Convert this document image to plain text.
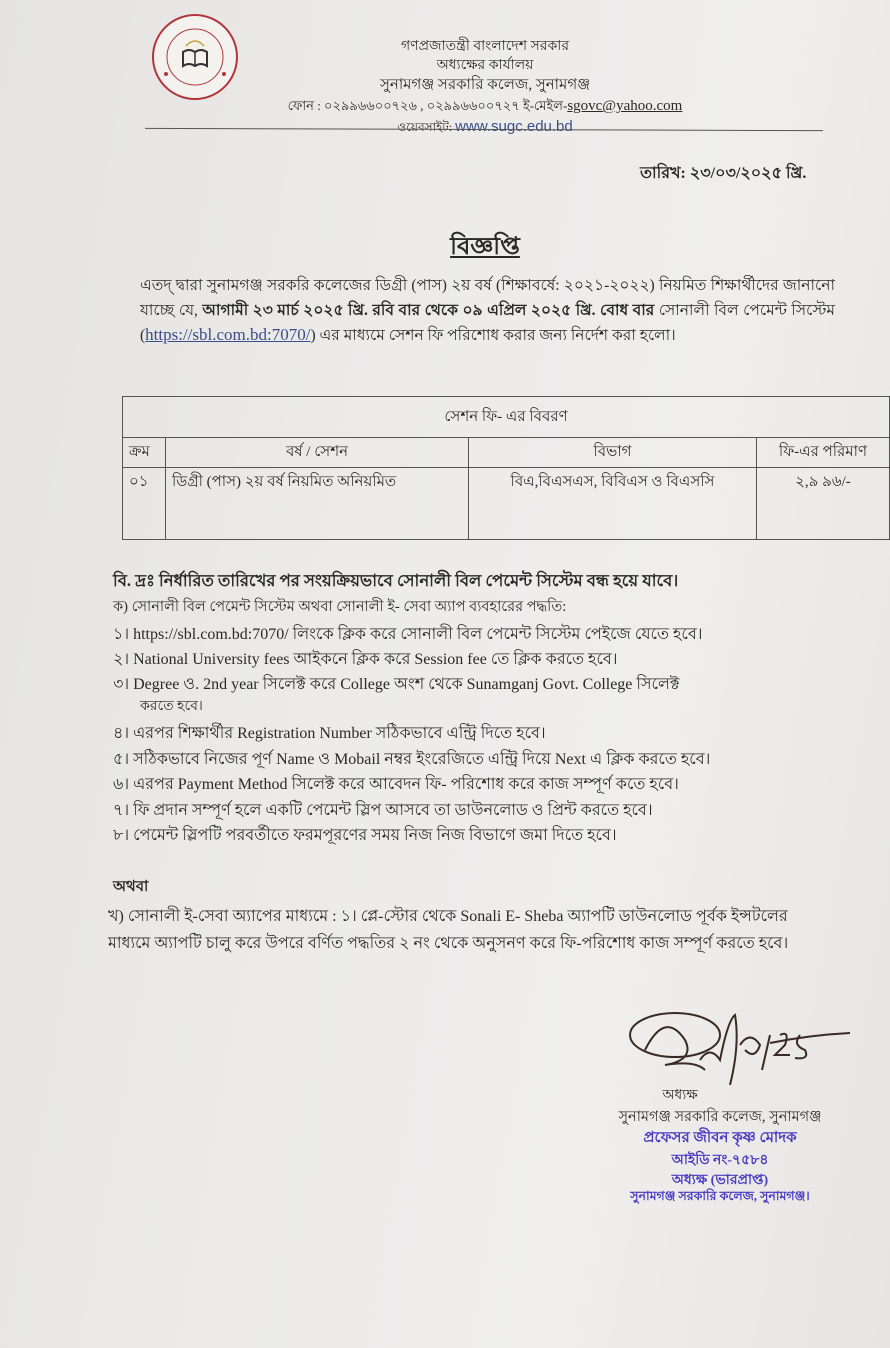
গণপ্রজাতন্ত্রী বাংলাদেশ সরকার
অধ্যক্ষের কার্যালয়
সুনামগঞ্জ সরকারি কলেজ, সুনামগঞ্জ
ফোন : ০২৯৯৬৬০০৭২৬ , ০২৯৯৬৬০০৭২৭ ই-মেইল-sgovc@yahoo.com
ওয়েবসাইট: www.sugc.edu.bd
তারিখ: ২৩/০৩/২০২৫ খ্রি.
বিজ্ঞপ্তি
এতদ্ দ্বারা সুনামগঞ্জ সরকরি কলেজের ডিগ্রী (পাস) ২য় বর্ষ (শিক্ষাবর্ষে: ২০২১-২০২২) নিয়মিত শিক্ষার্থীদের জানানো যাচ্ছে যে, আগামী ২৩ মার্চ ২০২৫ খ্রি. রবি বার থেকে ০৯ এপ্রিল ২০২৫ খ্রি. বোধ বার সোনালী বিল পেমেন্ট সিস্টেম (https://sbl.com.bd:7070/) এর মাধ্যমে সেশন ফি পরিশোধ করার জন্য নির্দেশ করা হলো।
সেশন ফি- এর বিবরণ			
ক্রম	বর্ষ / সেশন	বিভাগ	ফি-এর পরিমাণ
০১	ডিগ্রী (পাস) ২য় বর্ষ নিয়মিত অনিয়মিত	বিএ,বিএসএস, বিবিএস ও বিএসসি	২,৯ ৯৬/-
বি. দ্রঃ নির্ধারিত তারিখের পর সংয়ক্রিয়ভাবে সোনালী বিল পেমেন্ট সিস্টেম বন্ধ হয়ে যাবে।
ক) সোনালী বিল পেমেন্ট সিস্টেম অথবা সোনালী ই- সেবা অ্যাপ ব্যবহারের পদ্ধতি:
১। https://sbl.com.bd:7070/ লিংকে ক্লিক করে সোনালী বিল পেমেন্ট সিস্টেম পেইজে যেতে হবে।
২। National University fees আইকনে ক্লিক করে Session fee তে ক্লিক করতে হবে।
৩। Degree ও. 2nd year সিলেক্ট করে College অংশ থেকে Sunamganj Govt. College সিলেক্ট
করতে হবে।
৪। এরপর শিক্ষার্থীর Registration Number সঠিকভাবে এন্ট্রি দিতে হবে।
৫। সঠিকভাবে নিজের পূর্ণ Name ও Mobail নম্বর ইংরেজিতে এন্ট্রি দিয়ে Next এ ক্লিক করতে হবে।
৬। এরপর Payment Method সিলেক্ট করে আবেদন ফি- পরিশোধ করে কাজ সম্পূর্ণ কতে হবে।
৭। ফি প্রদান সম্পূর্ণ হলে একটি পেমেন্ট স্লিপ আসবে তা ডাউনলোড ও প্রিন্ট করতে হবে।
৮। পেমেন্ট স্লিপটি পরবর্তীতে ফরমপূরণের সময় নিজ নিজ বিভাগে জমা দিতে হবে।
অথবা
খ) সোনালী ই-সেবা অ্যাপের মাধ্যমে : ১। প্লে-স্টোর থেকে Sonali E- Sheba অ্যাপটি ডাউনলোড পূর্বক ইন্সটলের
মাধ্যমে অ্যাপটি চালু করে উপরে বর্ণিত পদ্ধতির ২ নং থেকে অনুসনণ করে ফি-পরিশোধ কাজ সম্পূর্ণ করতে হবে।
অধ্যক্ষ
সুনামগঞ্জ সরকারি কলেজ, সুনামগঞ্জ
প্রফেসর জীবন কৃষ্ণ মোদক
আইডি নং-৭৫৮৪
অধ্যক্ষ (ভারপ্রাপ্ত)
সুনামগঞ্জ সরকারি কলেজ, সুনামগঞ্জ।
